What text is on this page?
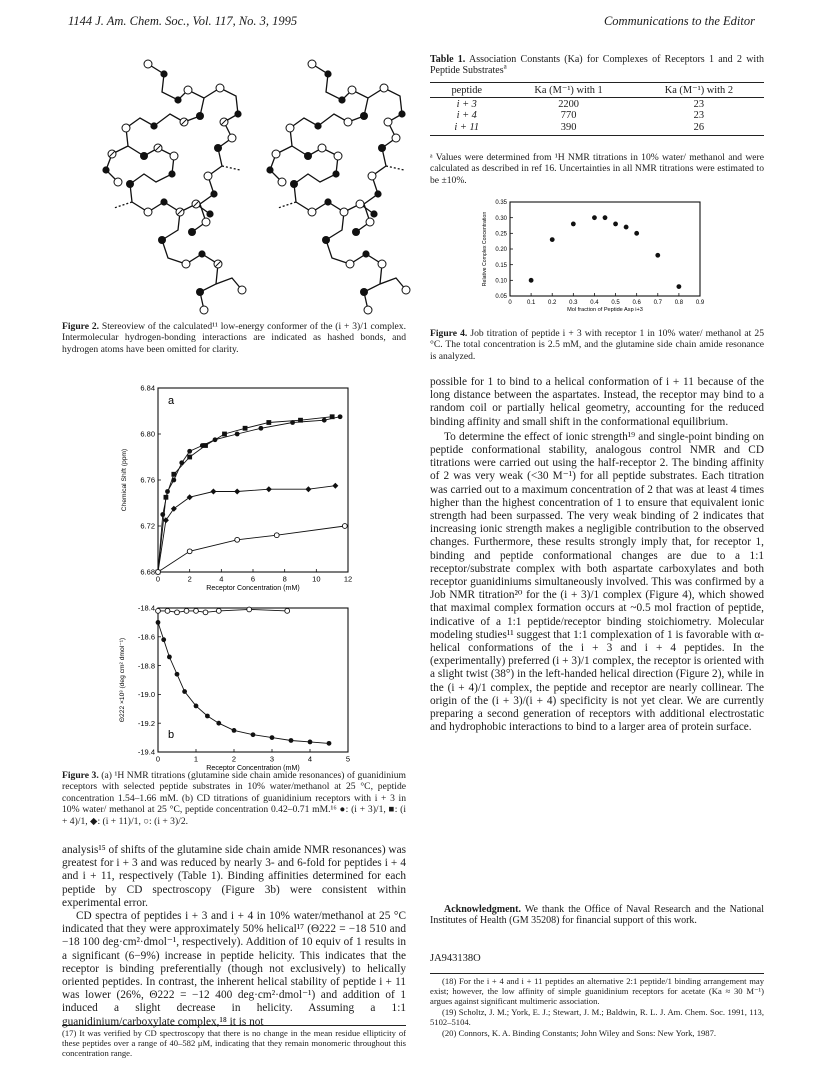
1144 J. Am. Chem. Soc., Vol. 117, No. 3, 1995	Communications to the Editor
Figure 2. Stereoview of the calculated¹¹ low-energy conformer of the (i + 3)/1 complex. Intermolecular hydrogen-bonding interactions are indicated as hashed bonds, and hydrogen atoms have been omitted for clarity.
0	2	4	6	8	10	12
6.68
6.72
6.76
6.80
6.84
Receptor Concentration (mM)
Chemical Shift (ppm)
a
0	1	2	3	4	5
-18.4
-18.6
-18.8
-19.0
-19.2
-19.4
Receptor Concentration (mM)
Θ222 ×10³ (deg cm² dmol⁻¹)
b
Figure 3. (a) ¹H NMR titrations (glutamine side chain amide resonances) of guanidinium receptors with selected peptide substrates in 10% water/methanol at 25 °C, peptide concentration 1.54–1.66 mM. (b) CD titrations of guanidinium receptors with i + 3 in 10% water/ methanol at 25 °C, peptide concentration 0.42–0.71 mM.¹⁶ ●: (i + 3)/1, ■: (i + 4)/1, ◆: (i + 11)/1, ○: (i + 3)/2.

analysis¹⁵ of shifts of the glutamine side chain amide NMR resonances) was greatest for i + 3 and was reduced by nearly 3- and 6-fold for peptides i + 4 and i + 11, respectively (Table 1). Binding affinities determined for each peptide by CD spectroscopy (Figure 3b) were consistent within experimental error.

CD spectra of peptides i + 3 and i + 4 in 10% water/methanol at 25 °C indicated that they were approximately 50% helical¹⁷ (Θ222 = −18 510 and −18 100 deg·cm²·dmol⁻¹, respectively). Addition of 10 equiv of 1 results in a significant (6−9%) increase in peptide helicity. This indicates that the receptor is binding preferentially (though not exclusively) to helically oriented peptides. In contrast, the inherent helical stability of peptide i + 11 was lower (26%, Θ222 = −12 400 deg·cm²·dmol⁻¹) and addition of 1 induced a slight decrease in helicity. Assuming a 1:1 guanidinium/carboxylate complex,¹⁸ it is not

(17) It was verified by CD spectroscopy that there is no change in the mean residue ellipticity of these peptides over a range of 40–582 μM, indicating that they remain monomeric throughout this concentration range.
Table 1. Association Constants (Ka) for Complexes of Receptors 1 and 2 with Peptide Substrates$^a$
peptide	Ka (M⁻¹) with 1	Ka (M⁻¹) with 2
i + 3	2200	23
i + 4	770	23
i + 11	390	26
ᵃ Values were determined from ¹H NMR titrations in 10% water/ methanol and were calculated as described in ref 16. Uncertainties in all NMR titrations were estimated to be ±10%.
0	0.1 0.2 0.3 0.4 0.5 0.6 0.7 0.8 0.9
0.05
0.10
0.15
0.20
0.25
0.30
0.35
Mol fraction of Peptide Asp i+3
Relative Complex Concentration
Figure 4. Job titration of peptide i + 3 with receptor 1 in 10% water/ methanol at 25 °C. The total concentration is 2.5 mM, and the glutamine side chain amide resonance is analyzed.

possible for 1 to bind to a helical conformation of i + 11 because of the long distance between the aspartates. Instead, the receptor may bind to a random coil or partially helical geometry, accounting for the reduced binding affinity and small shift in the conformational equilibrium.

To determine the effect of ionic strength¹⁹ and single-point binding on peptide conformational stability, analogous control NMR and CD titrations were carried out using the half-receptor 2. The binding affinity of 2 was very weak (<30 M⁻¹) for all peptide substrates. Each titration was carried out to a maximum concentration of 2 that was at least 4 times higher than the highest concentration of 1 to ensure that equivalent ionic strength had been surpassed. The very weak binding of 2 indicates that increasing ionic strength makes a negligible contribution to the observed changes. Furthermore, these results strongly imply that, for receptor 1, binding and peptide conformational changes are due to a 1:1 receptor/substrate complex with both aspartate carboxylates and both receptor guanidiniums simultaneously involved. This was confirmed by a Job NMR titration²⁰ for the (i + 3)/1 complex (Figure 4), which showed that maximal complex formation occurs at ~0.5 mol fraction of peptide, indicative of a 1:1 peptide/receptor binding stoichiometry. Molecular modeling studies¹¹ suggest that 1:1 complexation of 1 is favorable with α-helical conformations of the i + 3 and i + 4 peptides. In the (experimentally) preferred (i + 3)/1 complex, the receptor is oriented with a slight twist (38°) in the left-handed helical direction (Figure 2), while in the (i + 4)/1 complex, the peptide and receptor are nearly collinear. The origin of the (i + 3)/(i + 4) specificity is not yet clear. We are currently preparing a second generation of receptors with additional electrostatic and hydrophobic interactions to bind to a larger area of protein surface.

Acknowledgment. We thank the Office of Naval Research and the National Institutes of Health (GM 35208) for financial support of this work.
JA943138O
(18) For the i + 4 and i + 11 peptides an alternative 2:1 peptide/1 binding arrangement may exist; however, the low affinity of simple guanidinium receptors for acetate (Ka ≈ 30 M⁻¹) argues against significant multimeric association.
(19) Scholtz, J. M.; York, E. J.; Stewart, J. M.; Baldwin, R. L. J. Am. Chem. Soc. 1991, 113, 5102–5104.
(20) Connors, K. A. Binding Constants; John Wiley and Sons: New York, 1987.
